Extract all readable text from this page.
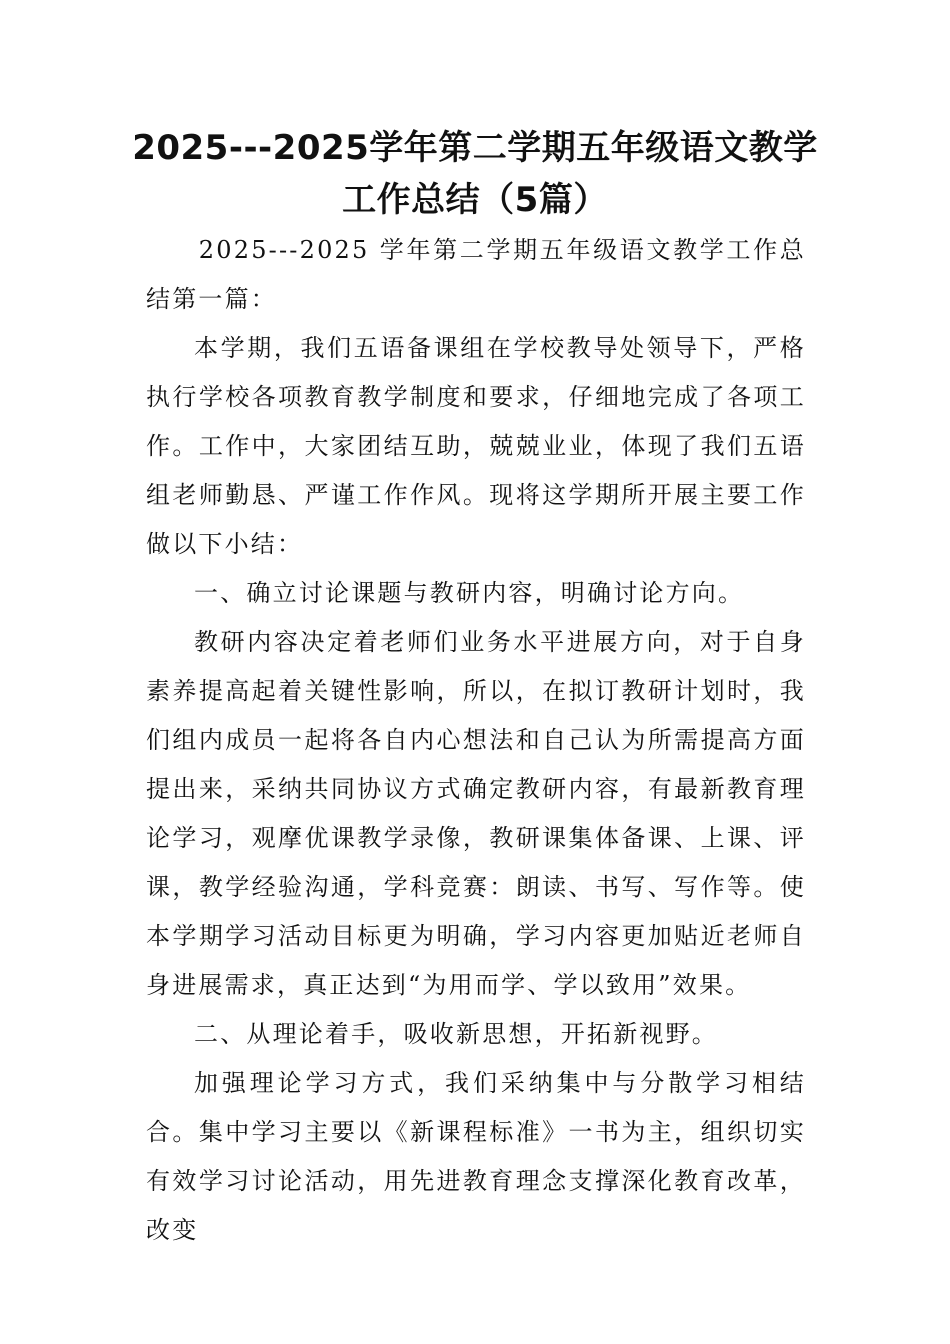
2025---2025学年第二学期五年级语文教学工作总结（5篇）

2025---2025 学年第二学期五年级语文教学工作总结第一篇：

本学期，我们五语备课组在学校教导处领导下，严格执行学校各项教育教学制度和要求，仔细地完成了各项工作。工作中，大家团结互助，兢兢业业，体现了我们五语组老师勤恳、严谨工作作风。现将这学期所开展主要工作做以下小结：

一、确立讨论课题与教研内容，明确讨论方向。

教研内容决定着老师们业务水平进展方向，对于自身素养提高起着关键性影响，所以，在拟订教研计划时，我们组内成员一起将各自内心想法和自己认为所需提高方面提出来，采纳共同协议方式确定教研内容，有最新教育理论学习，观摩优课教学录像，教研课集体备课、上课、评课，教学经验沟通，学科竞赛：朗读、书写、写作等。使本学期学习活动目标更为明确，学习内容更加贴近老师自身进展需求，真正达到“为用而学、学以致用”效果。

二、从理论着手，吸收新思想，开拓新视野。

加强理论学习方式，我们采纳集中与分散学习相结合。集中学习主要以《新课程标准》一书为主，组织切实有效学习讨论活动，用先进教育理念支撑深化教育改革，改变
